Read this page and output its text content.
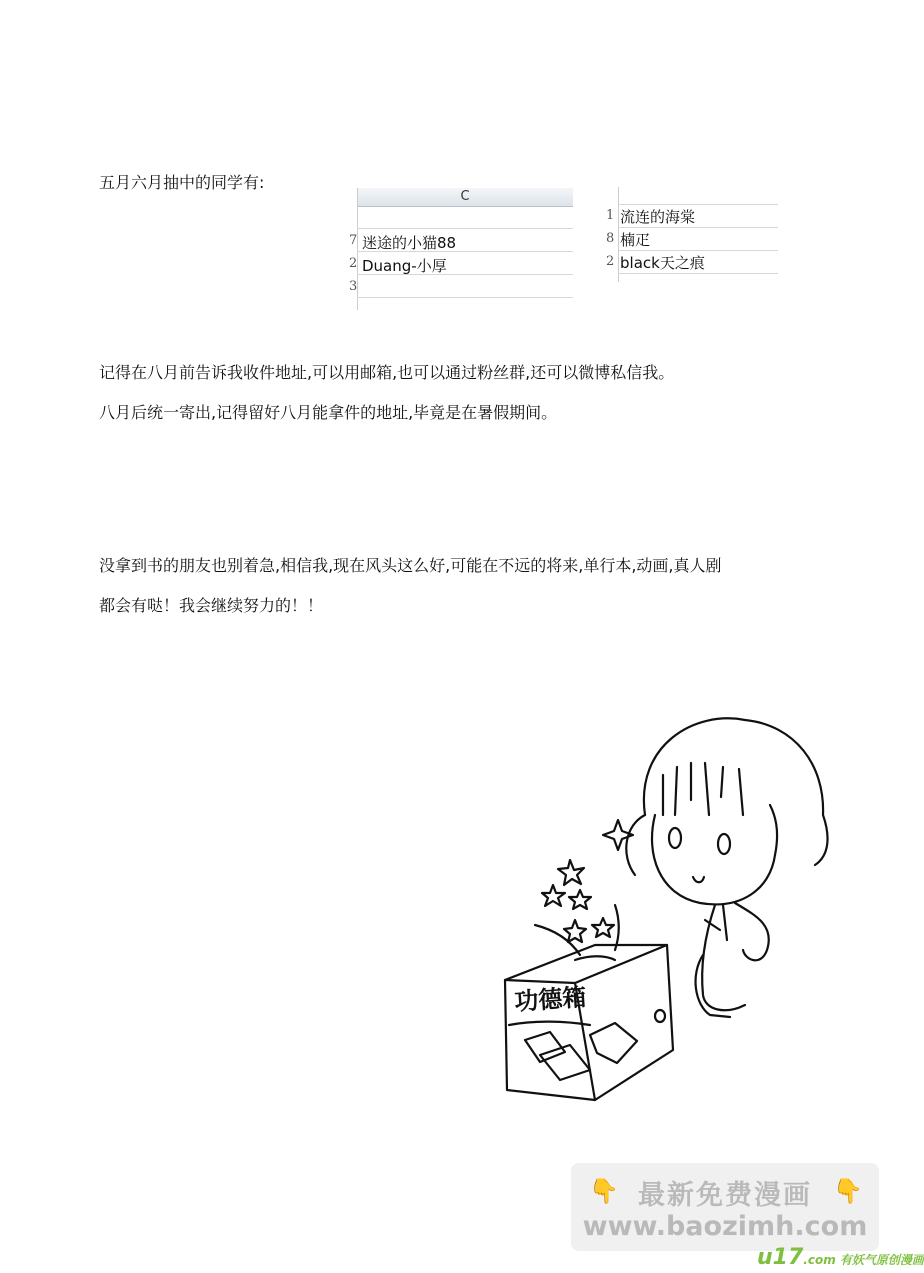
五月六月抽中的同学有:
C
7 迷途的小猫88
2 Duang-小厚
3
1 流连的海棠
8 楠疋
2 black天之痕
记得在八月前告诉我收件地址,可以用邮箱,也可以通过粉丝群,还可以微博私信我。
八月后统一寄出,记得留好八月能拿件的地址,毕竟是在暑假期间。
没拿到书的朋友也别着急,相信我,现在风头这么好,可能在不远的将来,单行本,动画,真人剧
都会有哒！我会继续努力的！！
功德箱
👇 最新免费漫画 👇
www.baozimh.com
u17.com 有妖气原创漫画
